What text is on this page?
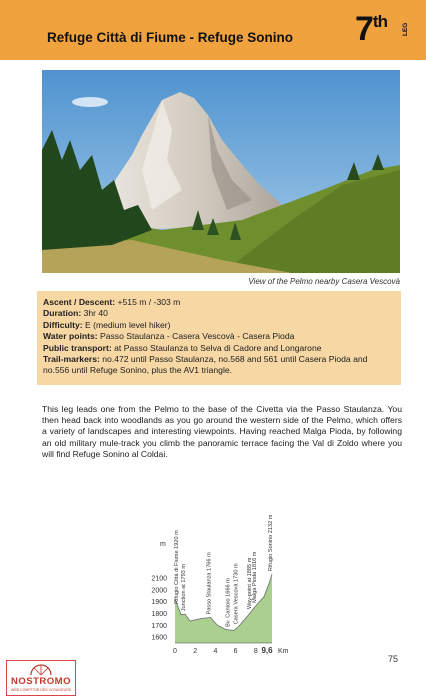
Refuge Città di Fiume - Refuge Sonino	7th LEG
View of the Pelmo nearby Casera Vescovà

Ascent / Descent: +515 m / -303 m

Duration: 3hr 40

Difficulty: E (medium level hiker)

Water points: Passo Staulanza - Casera Vescovà - Casera Pioda

Public transport: at Passo Staulanza to Selva di Cadore and Longarone

Trail-markers: no.472 until Passo Staulanza, no.568 and 561 until Casera Pioda and no.556 until Refuge Sonino, plus the AV1 triangle.

This leg leads one from the Pelmo to the base of the Civetta via the Passo Staulanza. You then head back into woodlands as you go around the western side of the Pelmo, which offers a variety of landscapes and interesting viewpoints. Having reached Malga Pioda, by following an old military mule-track you climb the panoramic terrace facing the Val di Zoldo where you will find Refuge Sonino al Coldai.
m
2100
2000
1900
1800
1700
1600
0 2 4 6 8 9,6 Km
Rifugio Città di Fiume 1920 m Junction at 1793 m	Passo Staulanza 1766 m Bv. Cantoio 1666 m Casera Vescovà 1730 m Way-point at 1885 m Malga Pioda 1816 m
Rifugio Sonino 2132 m
75
NOSTROMO
WEB COMPTOIR DES VOYAGEURS
